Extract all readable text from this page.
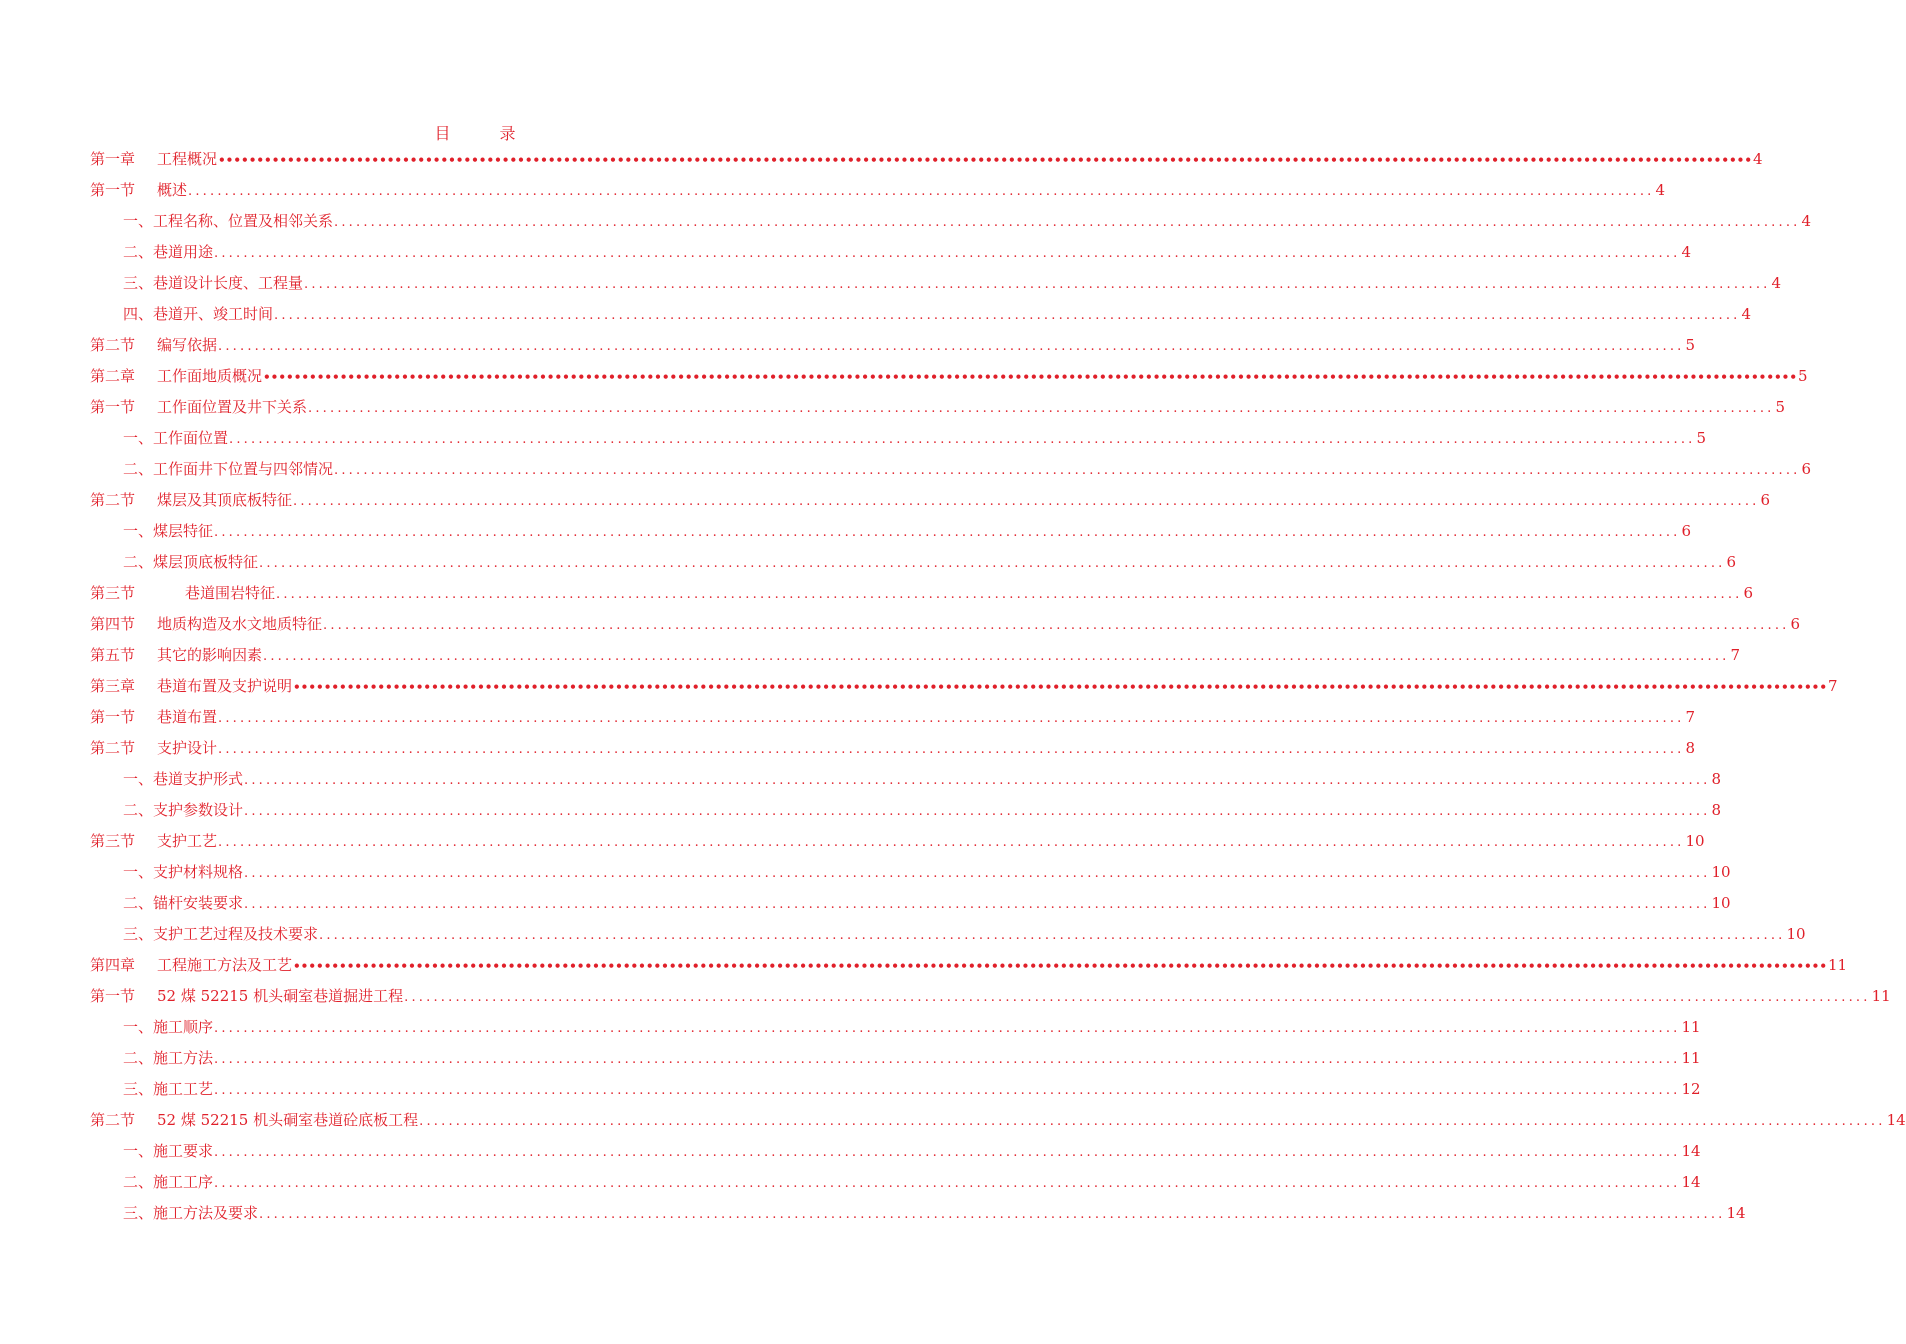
目 录
第一章	工程概况 •••••••••••••••••••••••••••••••••••••••••••••••••••••••••••••••••••••••••••••••••••••••••••••••••••••••••••••••••••••••••••••••••••••••••••••••••••••••••••••••••••••••••••••••••••••••••••••••••••••••• 4
第一节	概述 ........................................................................................................................................................................................................ 4
一、工程名称、位置及相邻关系 ........................................................................................................................................................................................................ 4
二、巷道用途 ........................................................................................................................................................................................................ 4
三、巷道设计长度、工程量 ........................................................................................................................................................................................................ 4
四、巷道开、竣工时间 ........................................................................................................................................................................................................ 4
第二节	编写依据 ........................................................................................................................................................................................................ 5
第二章	工作面地质概况 •••••••••••••••••••••••••••••••••••••••••••••••••••••••••••••••••••••••••••••••••••••••••••••••••••••••••••••••••••••••••••••••••••••••••••••••••••••••••••••••••••••••••••••••••••••••••••••••••••••••• 5
第一节	工作面位置及井下关系 ........................................................................................................................................................................................................ 5
一、工作面位置 ........................................................................................................................................................................................................ 5
二、工作面井下位置与四邻情况 ........................................................................................................................................................................................................ 6
第二节	煤层及其顶底板特征 ........................................................................................................................................................................................................ 6
一、煤层特征 ........................................................................................................................................................................................................ 6
二、煤层顶底板特征 ........................................................................................................................................................................................................ 6
第三节	巷道围岩特征 ........................................................................................................................................................................................................ 6
第四节	地质构造及水文地质特征 ........................................................................................................................................................................................................ 6
第五节	其它的影响因素 ........................................................................................................................................................................................................ 7
第三章	巷道布置及支护说明 •••••••••••••••••••••••••••••••••••••••••••••••••••••••••••••••••••••••••••••••••••••••••••••••••••••••••••••••••••••••••••••••••••••••••••••••••••••••••••••••••••••••••••••••••••••••••••••••••••••••• 7
第一节	巷道布置 ........................................................................................................................................................................................................ 7
第二节	支护设计 ........................................................................................................................................................................................................ 8
一、巷道支护形式 ........................................................................................................................................................................................................ 8
二、支护参数设计 ........................................................................................................................................................................................................ 8
第三节	支护工艺 ........................................................................................................................................................................................................ 10
一、支护材料规格 ........................................................................................................................................................................................................ 10
二、锚杆安装要求 ........................................................................................................................................................................................................ 10
三、支护工艺过程及技术要求 ........................................................................................................................................................................................................ 10
第四章	工程施工方法及工艺 •••••••••••••••••••••••••••••••••••••••••••••••••••••••••••••••••••••••••••••••••••••••••••••••••••••••••••••••••••••••••••••••••••••••••••••••••••••••••••••••••••••••••••••••••••••••••••••••••••••••• 11
第一节	52 煤 52215 机头硐室巷道掘进工程 ........................................................................................................................................................................................................ 11
一、施工顺序 ........................................................................................................................................................................................................ 11
二、施工方法 ........................................................................................................................................................................................................ 11
三、施工工艺 ........................................................................................................................................................................................................ 12
第二节	52 煤 52215 机头硐室巷道砼底板工程 ........................................................................................................................................................................................................ 14
一、施工要求 ........................................................................................................................................................................................................ 14
二、施工工序 ........................................................................................................................................................................................................ 14
三、施工方法及要求 ........................................................................................................................................................................................................ 14
